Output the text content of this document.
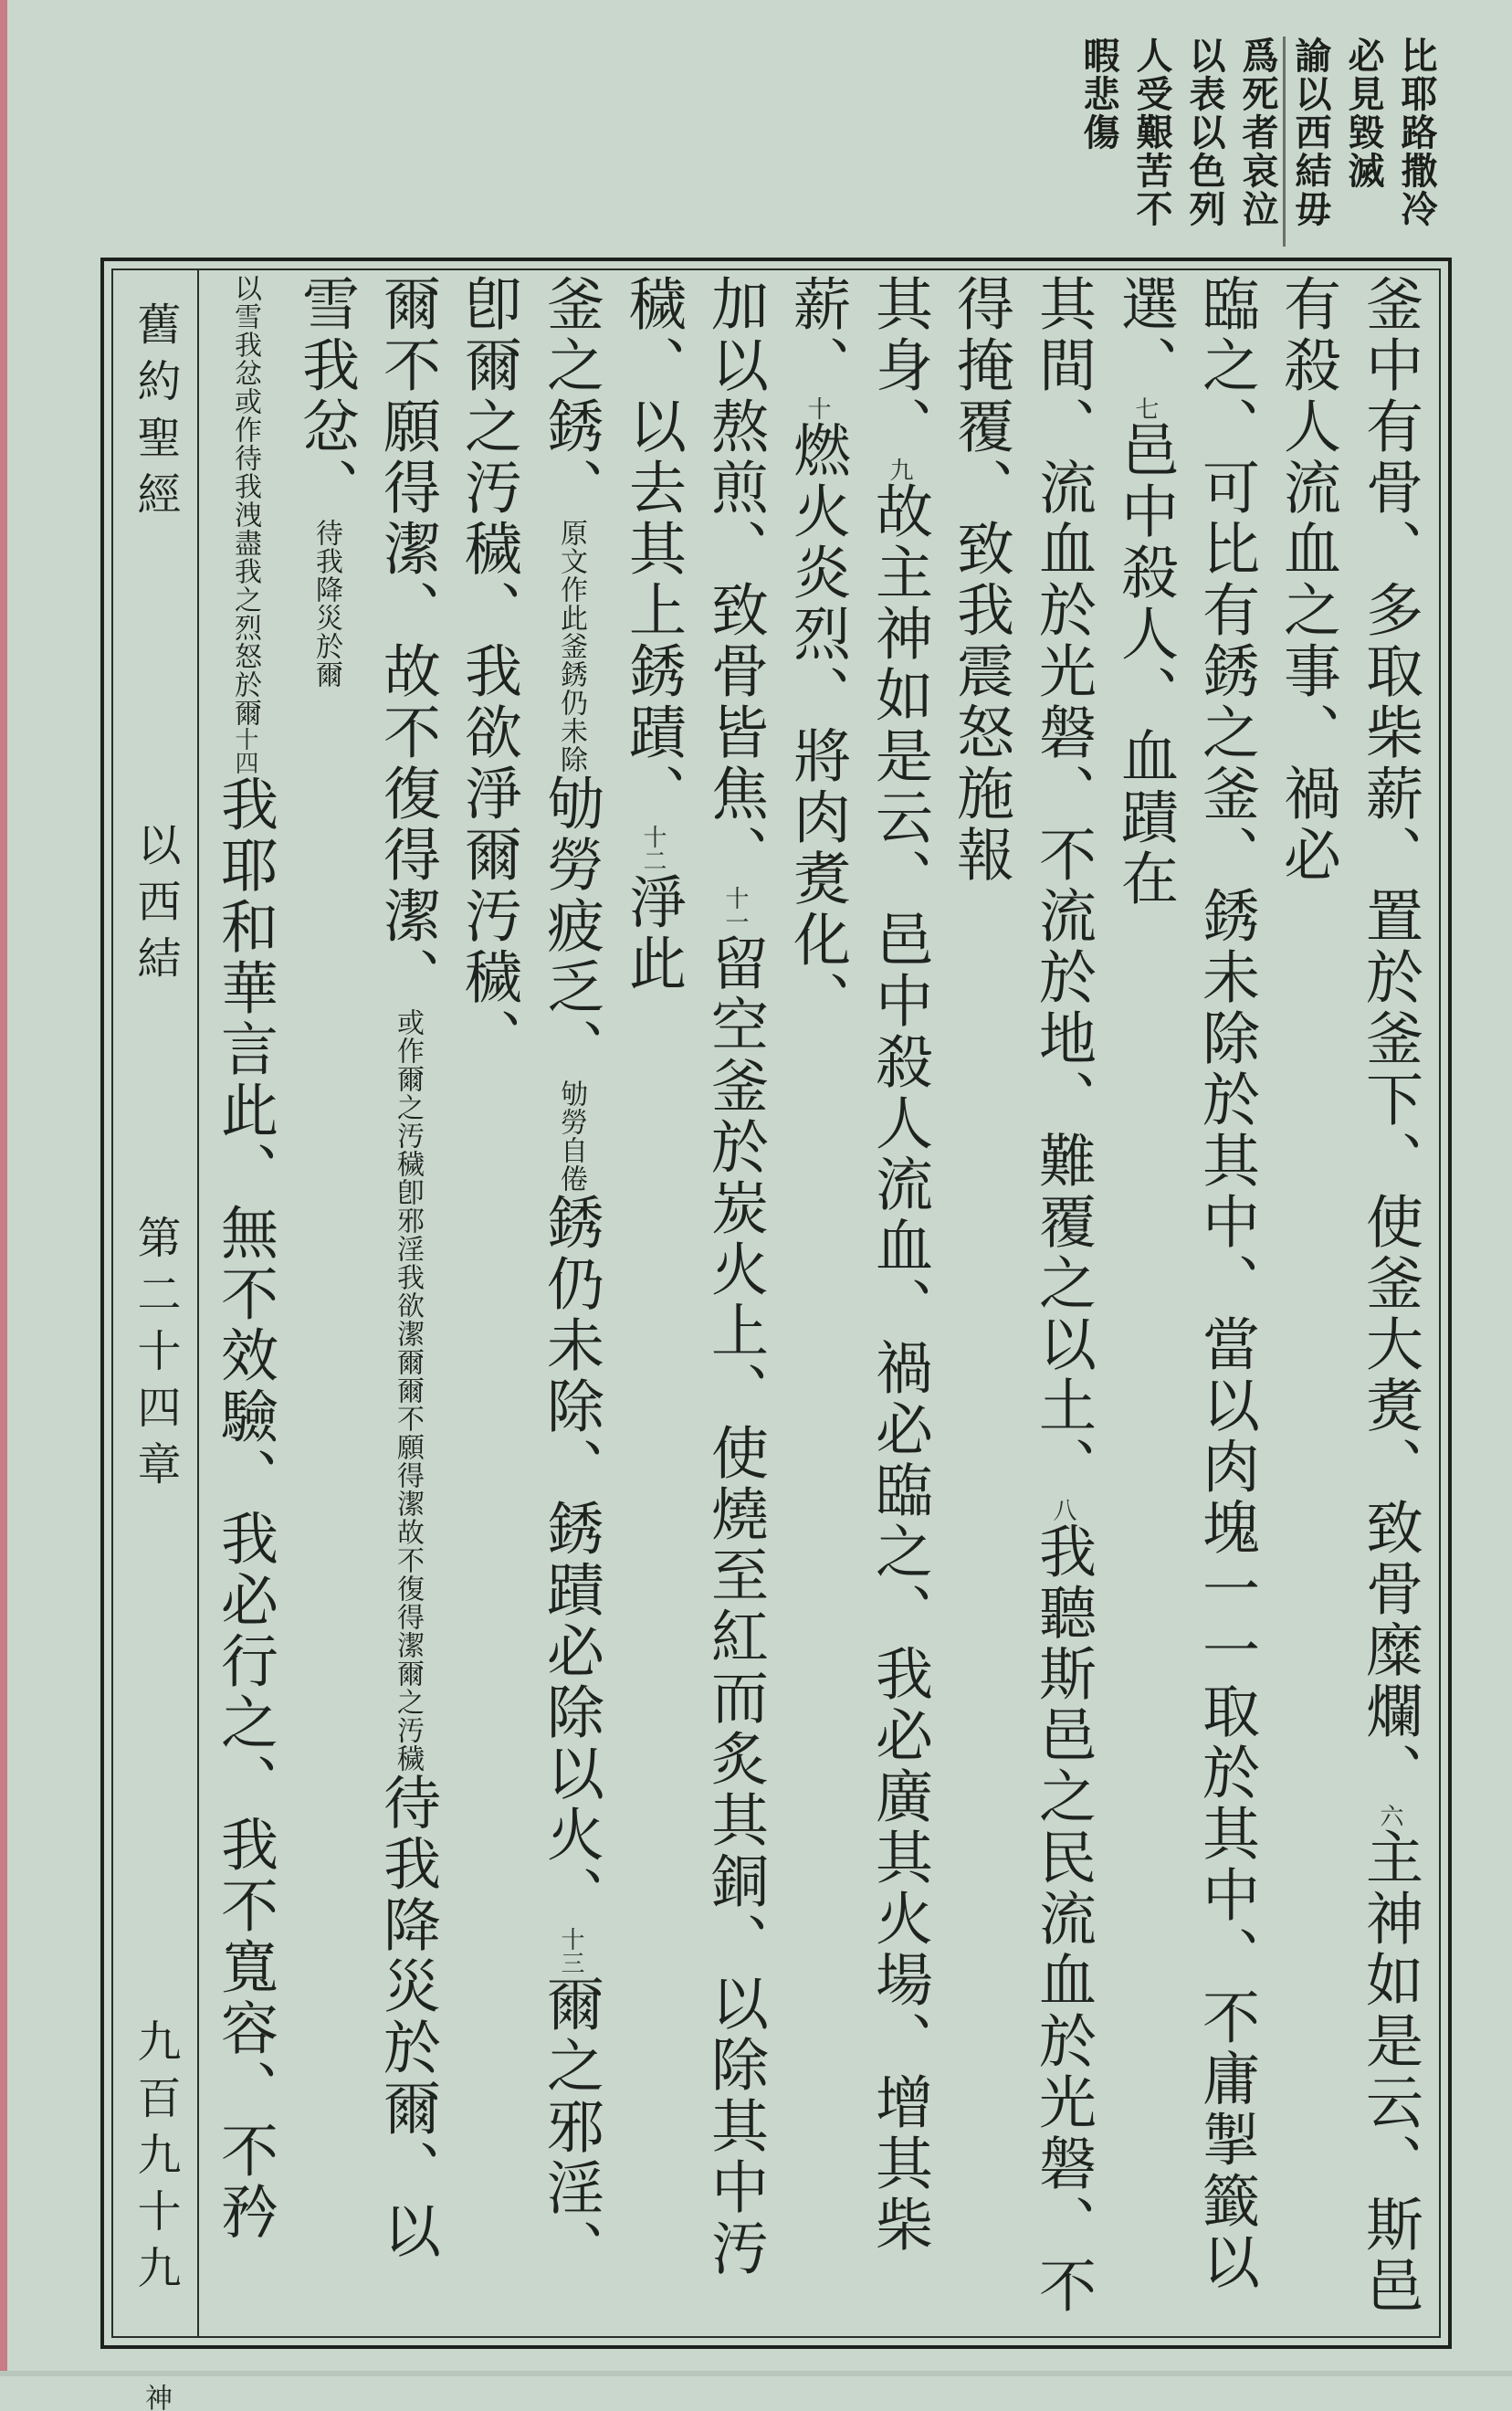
比耶路撒冷
必見毀滅
諭以西結毋
爲死者哀泣
以表以色列
人受艱苦不
暇悲傷
舊約聖經
以西結
第二十四章
九百九十九
神
釜中有骨、多取柴薪、置於釜下、使釜大煑、致骨糜爛、六主神如是云、斯邑有殺人流血之事、禍必
臨之、可比有銹之釜、銹未除於其中、當以肉塊一一取於其中、不庸掣籤以選、七邑中殺人、血蹟在
其間、流血於光磐、不流於地、難覆之以土、八我聽斯邑之民流血於光磐、不得掩覆、致我震怒施報
其身、九故主神如是云、邑中殺人流血、禍必臨之、我必廣其火場、增其柴薪、十燃火炎烈、將肉煑化、
加以熬煎、致骨皆焦、十一留空釜於炭火上、使燒至紅而炙其銅、以除其中汚穢、以去其上銹蹟、十二淨此
釜之銹、原文作此釜銹仍未除劬勞疲乏、劬勞自倦銹仍未除、銹蹟必除以火、十三爾之邪淫、卽爾之汚穢、我欲淨爾汚穢、
爾不願得潔、故不復得潔、或作爾之汚穢卽邪淫我欲潔爾爾不願得潔故不復得潔爾之汚穢待我降災於爾、以雪我忿、待我降災於爾
以雪我忿或作待我洩盡我之烈怒於爾十四我耶和華言此、無不效驗、我必行之、我不寬容、不矜
